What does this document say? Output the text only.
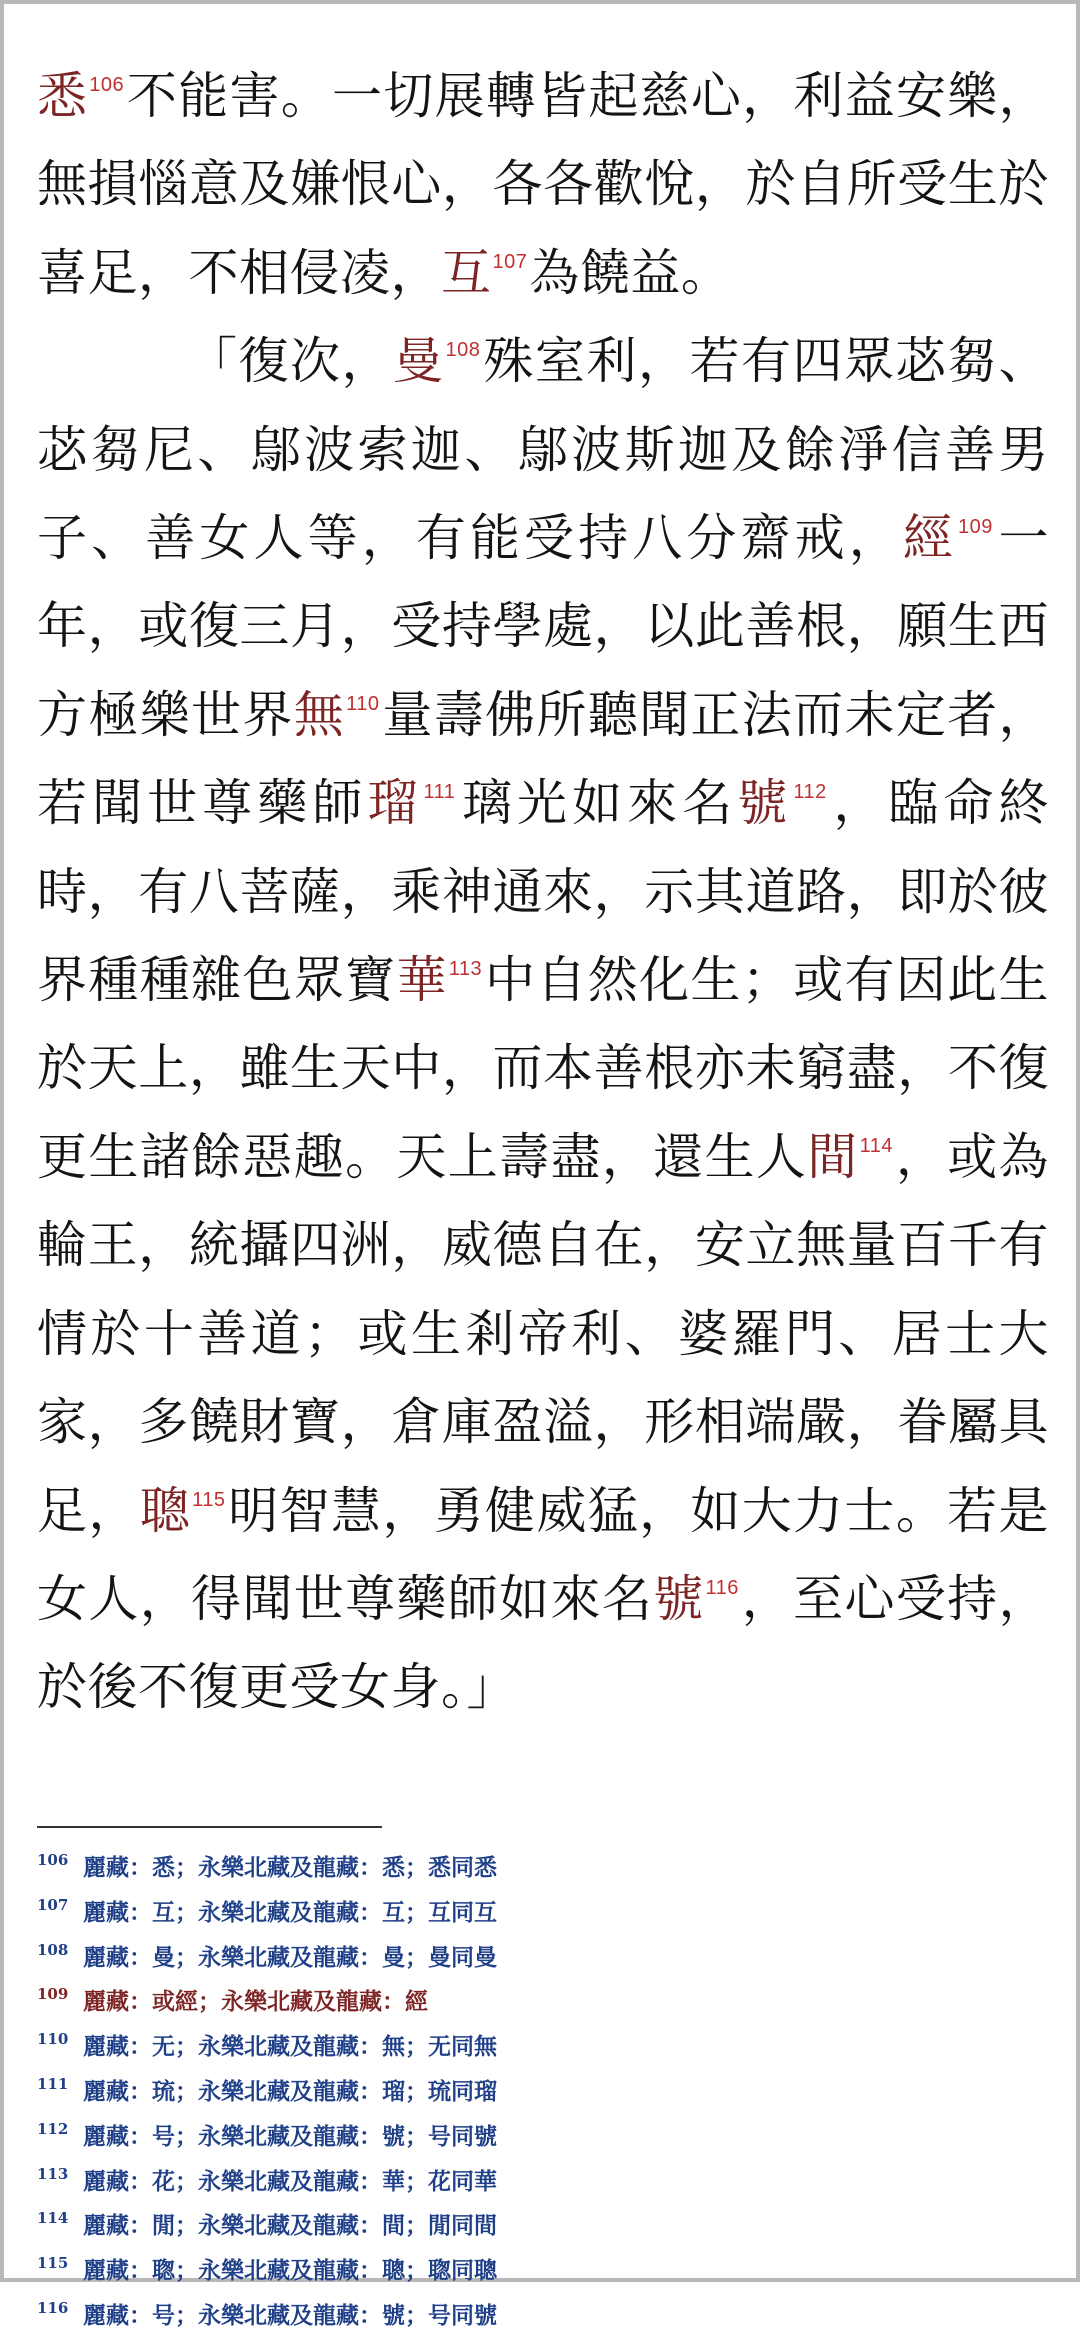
悉$^{106}$不能害。一切展轉皆起慈心，利益安樂，無損惱意及嫌恨心，各各歡悅，於自所受生於喜足，不相侵凌，互$^{107}$為饒益。

「復次，曼$^{108}$殊室利，若有四眾苾芻、苾芻尼、鄔波索迦、鄔波斯迦及餘淨信善男子、善女人等，有能受持八分齋戒，經$^{109}$一年，或復三月，受持學處，以此善根，願生西方極樂世界無$^{110}$量壽佛所聽聞正法而未定者，若聞世尊藥師瑠$^{111}$璃光如來名號$^{112}$，臨命終時，有八菩薩，乘神通來，示其道路，即於彼界種種雜色眾寶華$^{113}$中自然化生；或有因此生於天上，雖生天中，而本善根亦未窮盡，不復更生諸餘惡趣。天上壽盡，還生人間$^{114}$，或為輪王，統攝四洲，威德自在，安立無量百千有情於十善道；或生剎帝利、婆羅門、居士大家，多饒財寶，倉庫盈溢，形相端嚴，眷屬具足，聰$^{115}$明智慧，勇健威猛，如大力士。若是女人，得聞世尊藥師如來名號$^{116}$，至心受持，於後不復更受女身。」

106 麗藏：悉；永樂北藏及龍藏：悉；悉同悉
107 麗藏：互；永樂北藏及龍藏：互；互同互
108 麗藏：曼；永樂北藏及龍藏：曼；曼同曼
109 麗藏：或經；永樂北藏及龍藏：經
110 麗藏：无；永樂北藏及龍藏：無；无同無
111 麗藏：琉；永樂北藏及龍藏：瑠；琉同瑠
112 麗藏：号；永樂北藏及龍藏：號；号同號
113 麗藏：花；永樂北藏及龍藏：華；花同華
114 麗藏：閒；永樂北藏及龍藏：間；閒同間
115 麗藏：聦；永樂北藏及龍藏：聰；聦同聰
116 麗藏：号；永樂北藏及龍藏：號；号同號
